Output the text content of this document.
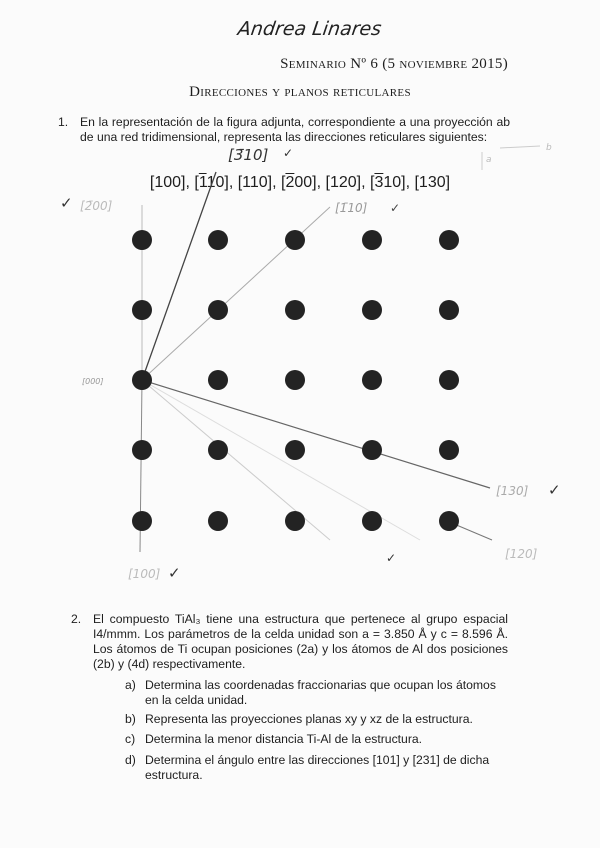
Andrea Linares
Seminario Nº 6 (5 noviembre 2015)
Direcciones y planos reticulares
1. En la representación de la figura adjunta, correspondiente a una proyección ab de una red tridimensional, representa las direcciones reticulares siguientes:
[100], [110], [110], [200], [120], [310], [130]
[3̄10] ✓
[1̄10] ✓
[2̄00]
✓
[000]
[100] ✓
[130] ✓
[120]
✓
b
a
2. El compuesto TiAl₃ tiene una estructura que pertenece al grupo espacial I4/mmm. Los parámetros de la celda unidad son a = 3.850 Å y c = 8.596 Å. Los átomos de Ti ocupan posiciones (2a) y los átomos de Al dos posiciones (2b) y (4d) respectivamente.
a) Determina las coordenadas fraccionarias que ocupan los átomos en la celda unidad.
b) Representa las proyecciones planas xy y xz de la estructura.
c) Determina la menor distancia Ti-Al de la estructura.
d) Determina el ángulo entre las direcciones [101] y [231] de dicha estructura.
